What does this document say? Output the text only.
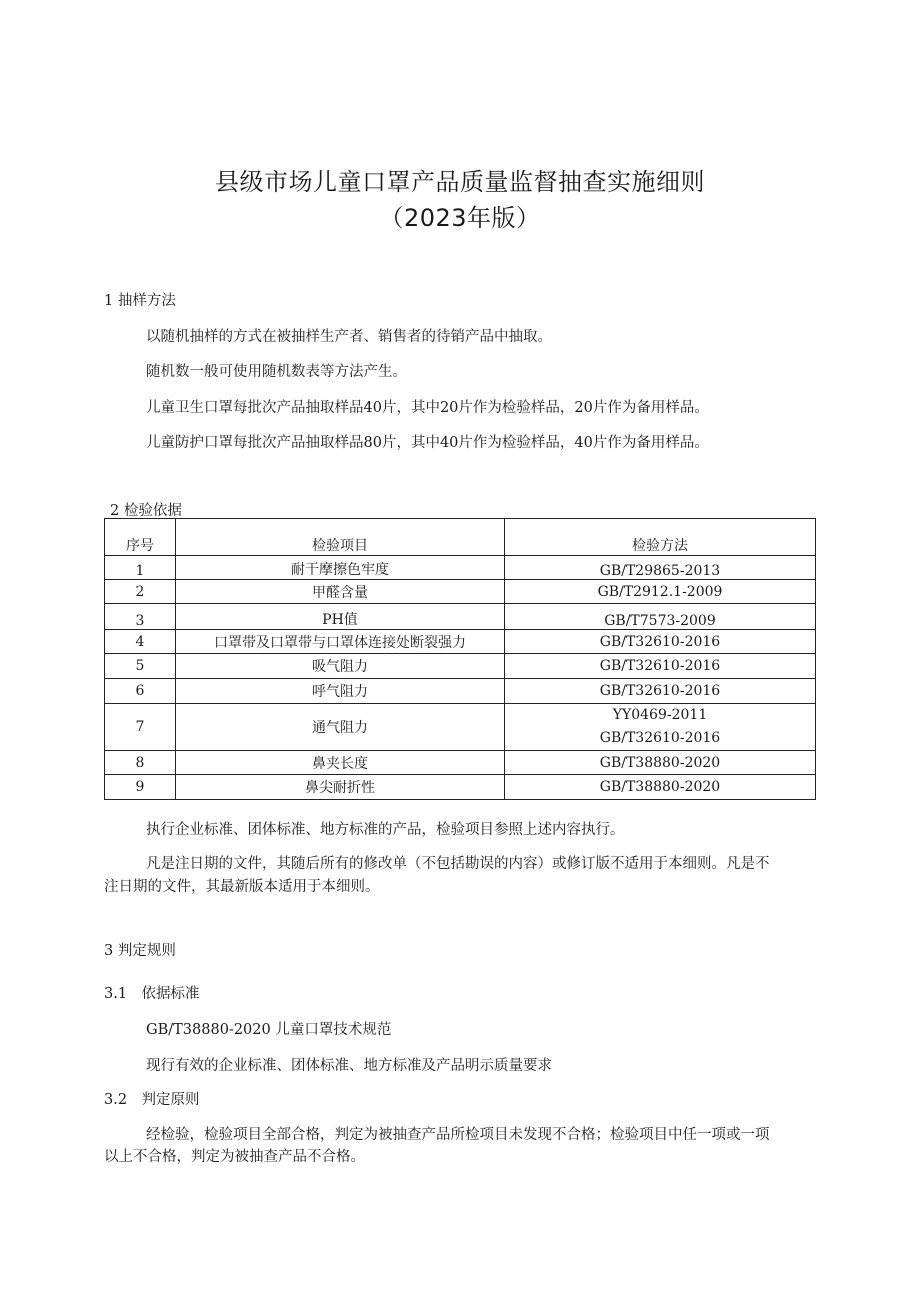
县级市场儿童口罩产品质量监督抽查实施细则
（2023年版）
1 抽样方法
以随机抽样的方式在被抽样生产者、销售者的待销产品中抽取。
随机数一般可使用随机数表等方法产生。
儿童卫生口罩每批次产品抽取样品40片，其中20片作为检验样品，20片作为备用样品。
儿童防护口罩每批次产品抽取样品80片，其中40片作为检验样品，40片作为备用样品。
2 检验依据
序号	检验项目	检验方法
1	耐干摩擦色牢度	GB/T29865-2013
2	甲醛含量	GB/T2912.1-2009
3	PH值	GB/T7573-2009
4	口罩带及口罩带与口罩体连接处断裂强力	GB/T32610-2016
5	吸气阻力	GB/T32610-2016
6	呼气阻力	GB/T32610-2016
7	通气阻力	YY0469-2011
GB/T32610-2016

8	鼻夹长度	GB/T38880-2020
9	鼻尖耐折性	GB/T38880-2020
执行企业标准、团体标准、地方标准的产品，检验项目参照上述内容执行。
凡是注日期的文件，其随后所有的修改单（不包括勘误的内容）或修订版不适用于本细则。凡是不
注日期的文件，其最新版本适用于本细则。
3 判定规则
3.1　依据标准
GB/T38880-2020 儿童口罩技术规范
现行有效的企业标准、团体标准、地方标准及产品明示质量要求
3.2　判定原则
经检验，检验项目全部合格，判定为被抽查产品所检项目未发现不合格；检验项目中任一项或一项
以上不合格，判定为被抽查产品不合格。
